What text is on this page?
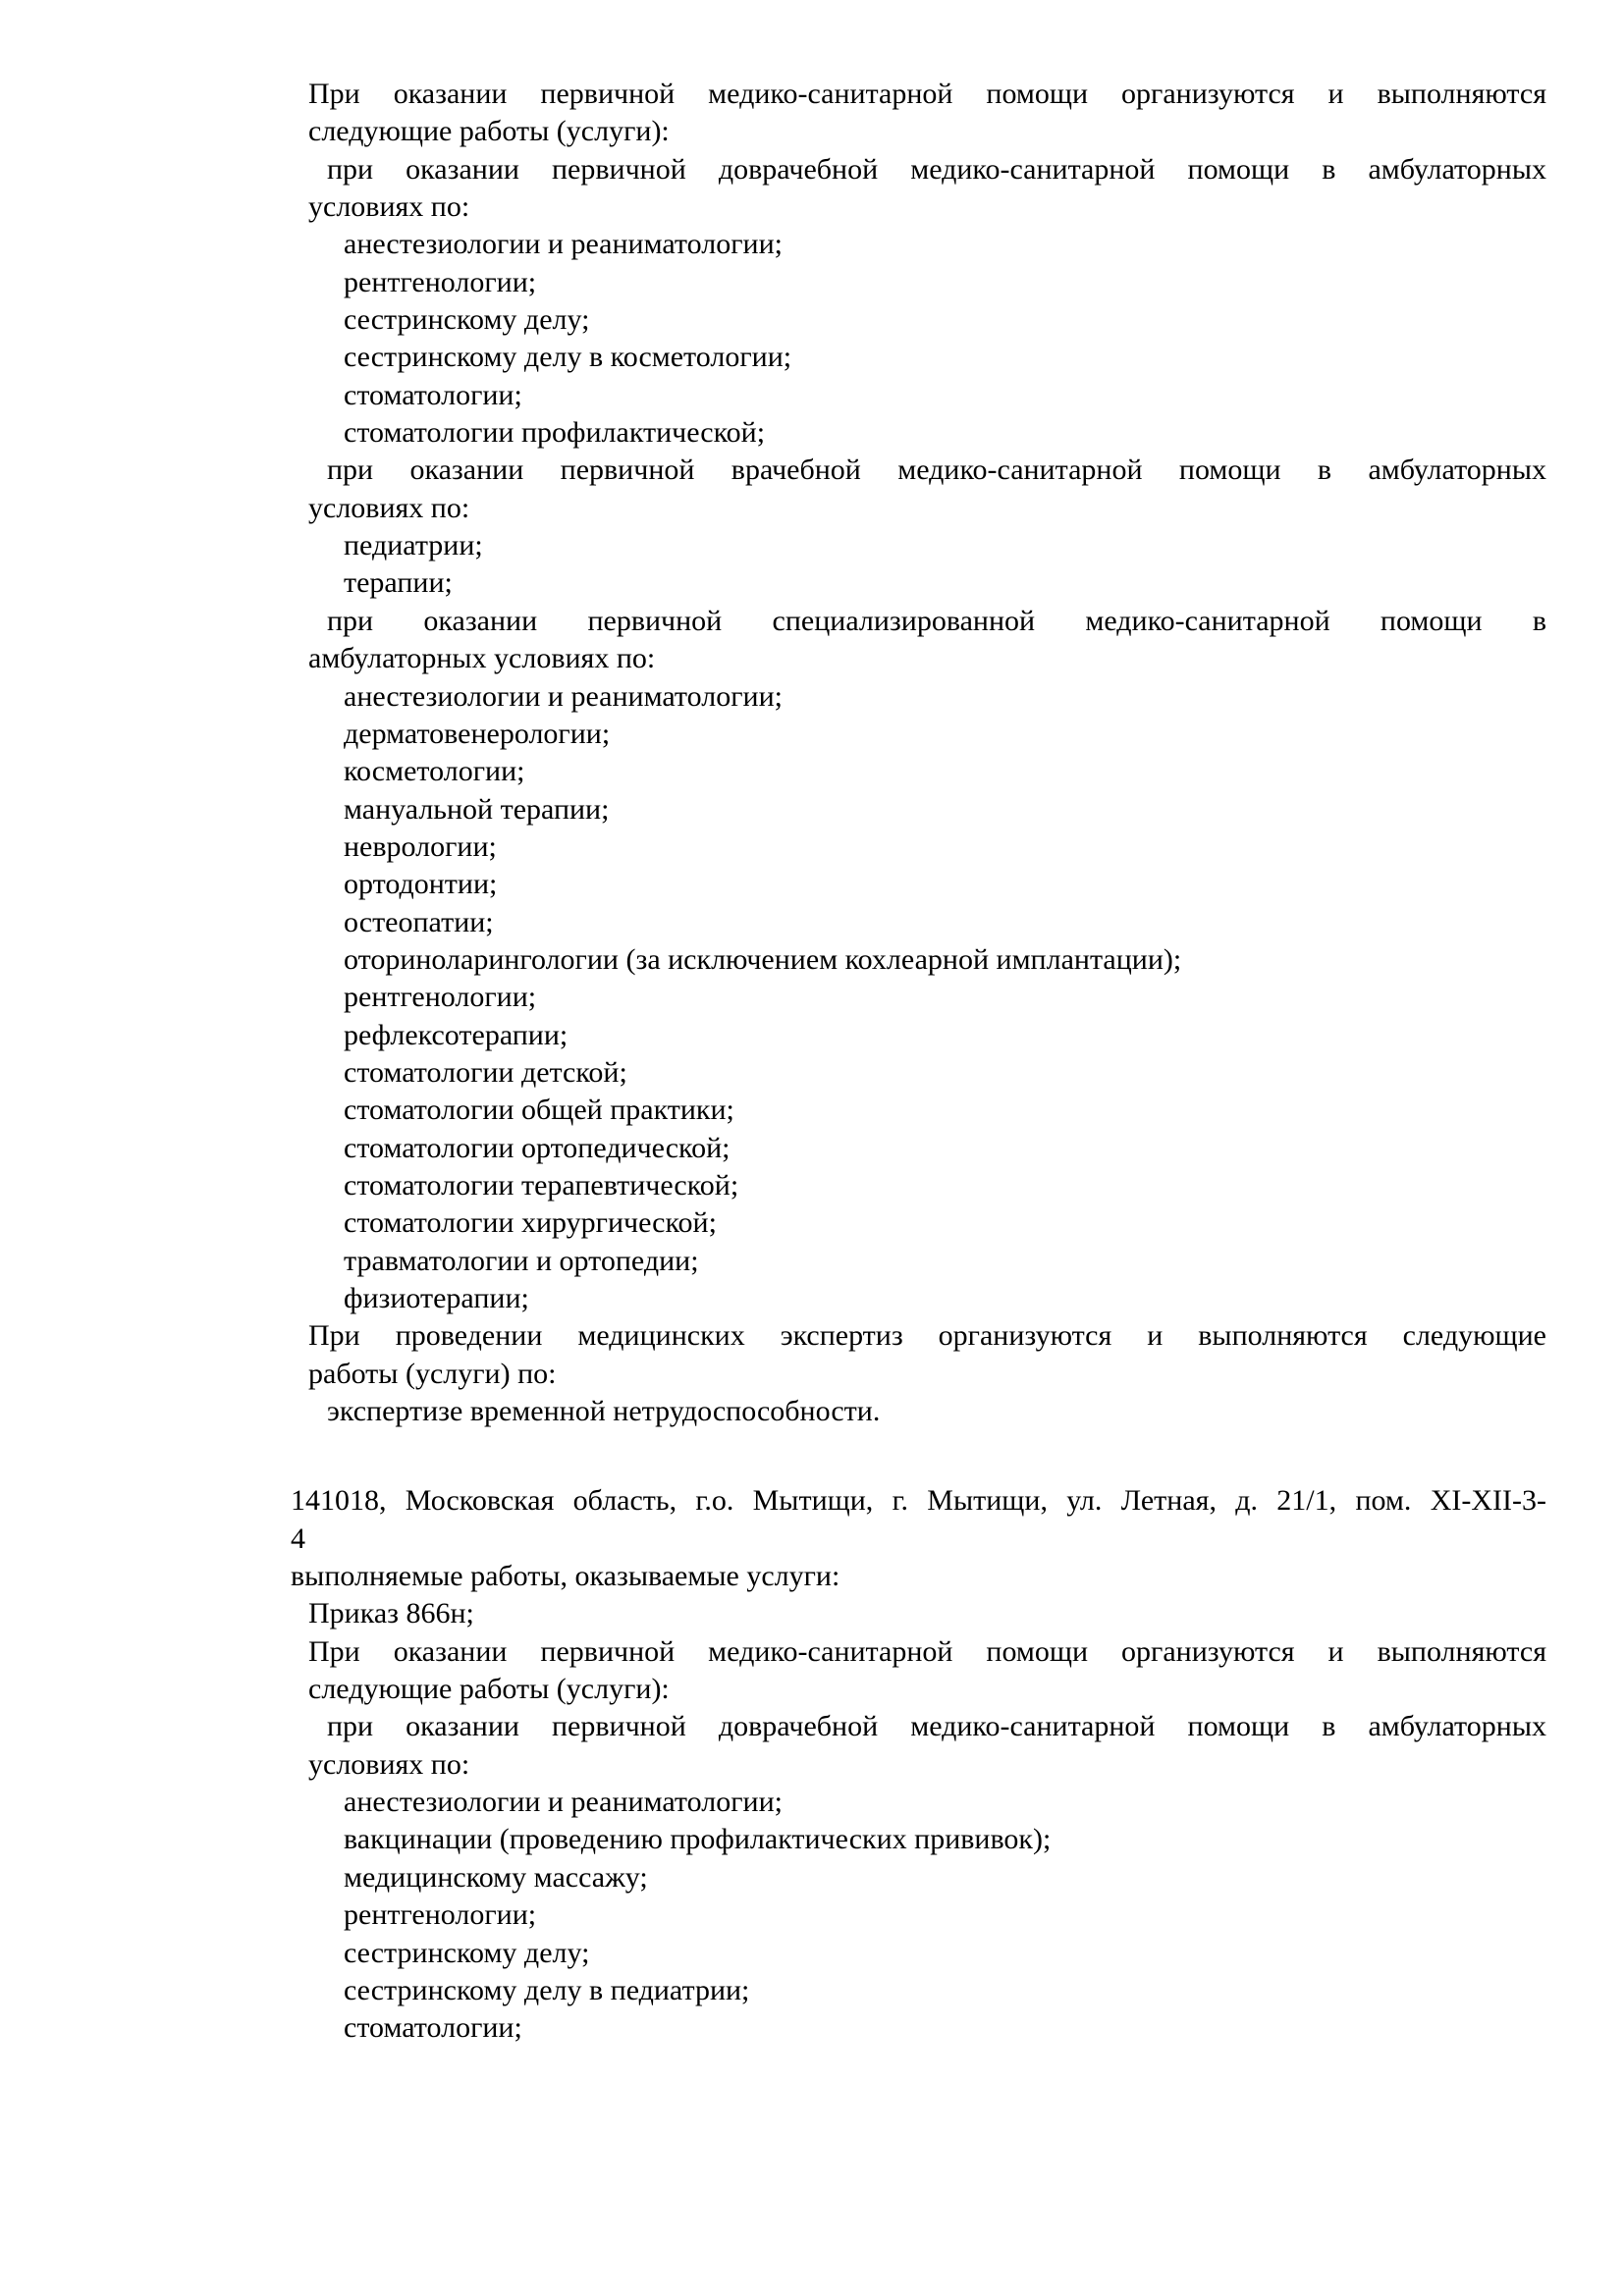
При оказании первичной медико-санитарной помощи организуются и выполняются
следующие работы (услуги):
при оказании первичной доврачебной медико-санитарной помощи в амбулаторных
условиях по:
анестезиологии и реаниматологии;
рентгенологии;
сестринскому делу;
сестринскому делу в косметологии;
стоматологии;
стоматологии профилактической;
при оказании первичной врачебной медико-санитарной помощи в амбулаторных
условиях по:
педиатрии;
терапии;
при оказании первичной специализированной медико-санитарной помощи в
амбулаторных условиях по:
анестезиологии и реаниматологии;
дерматовенерологии;
косметологии;
мануальной терапии;
неврологии;
ортодонтии;
остеопатии;
оториноларингологии (за исключением кохлеарной имплантации);
рентгенологии;
рефлексотерапии;
стоматологии детской;
стоматологии общей практики;
стоматологии ортопедической;
стоматологии терапевтической;
стоматологии хирургической;
травматологии и ортопедии;
физиотерапии;
При проведении медицинских экспертиз организуются и выполняются следующие
работы (услуги) по:
экспертизе временной нетрудоспособности.
141018, Московская область, г.о. Мытищи, г. Мытищи, ул. Летная, д. 21/1, пом. XI-XII-3-
4
выполняемые работы, оказываемые услуги:
Приказ 866н;
При оказании первичной медико-санитарной помощи организуются и выполняются
следующие работы (услуги):
при оказании первичной доврачебной медико-санитарной помощи в амбулаторных
условиях по:
анестезиологии и реаниматологии;
вакцинации (проведению профилактических прививок);
медицинскому массажу;
рентгенологии;
сестринскому делу;
сестринскому делу в педиатрии;
стоматологии;
